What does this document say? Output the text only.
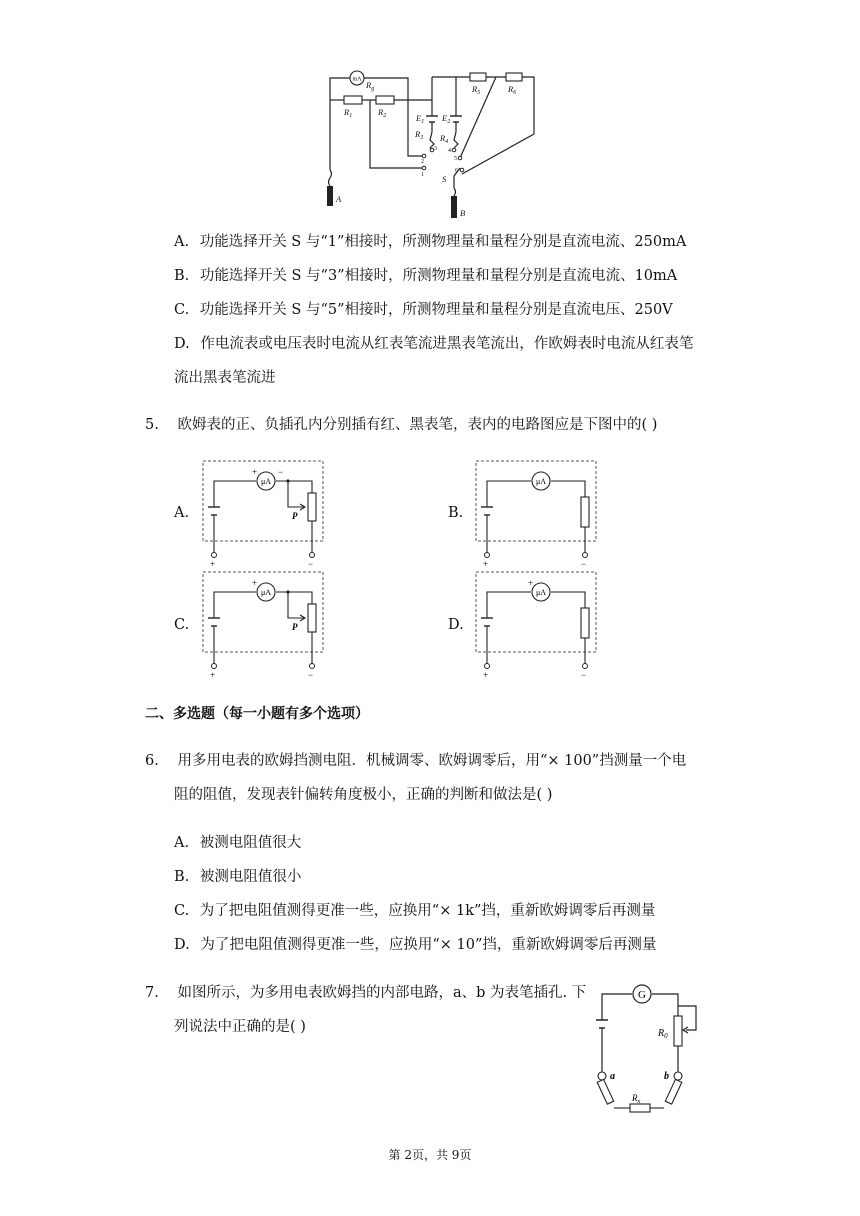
mA
$R_g$
$R_1$	$R_2$	$E_1$ $E_2$
$R_3$ $R_4$
$R_5$	$R_6$
S
A
B
2
1
3 4
5
6
A. 功能选择开关 S 与“1”相接时，所测物理量和量程分别是直流电流、250mA
B. 功能选择开关 S 与“3”相接时，所测物理量和量程分别是直流电流、10mA
C. 功能选择开关 S 与“5”相接时，所测物理量和量程分别是直流电压、250V
D. 作电流表或电压表时电流从红表笔流进黑表笔流出，作欧姆表时电流从红表笔
流出黑表笔流进
5. 欧姆表的正、负插孔内分别插有红、黑表笔，表内的电路图应是下图中的( )
A.	B.
C.	D.
μA
+ −
P
+	−
μA
+	−
μA
+
P
+	−
μA
+
+	−
二、多选题（每一小题有多个选项）
6. 用多用电表的欧姆挡测电阻．机械调零、欧姆调零后，用“× 100”挡测量一个电
阻的阻值，发现表针偏转角度极小，正确的判断和做法是( )
A. 被测电阻值很大
B. 被测电阻值很小
C. 为了把电阻值测得更准一些，应换用“× 1k”挡，重新欧姆调零后再测量
D. 为了把电阻值测得更准一些，应换用“× 10”挡，重新欧姆调零后再测量
7. 如图所示，为多用电表欧姆挡的内部电路，a、b 为表笔插孔. 下
列说法中正确的是( )
G
$R_0$
a	b
$R_x$
第 2页，共 9页
